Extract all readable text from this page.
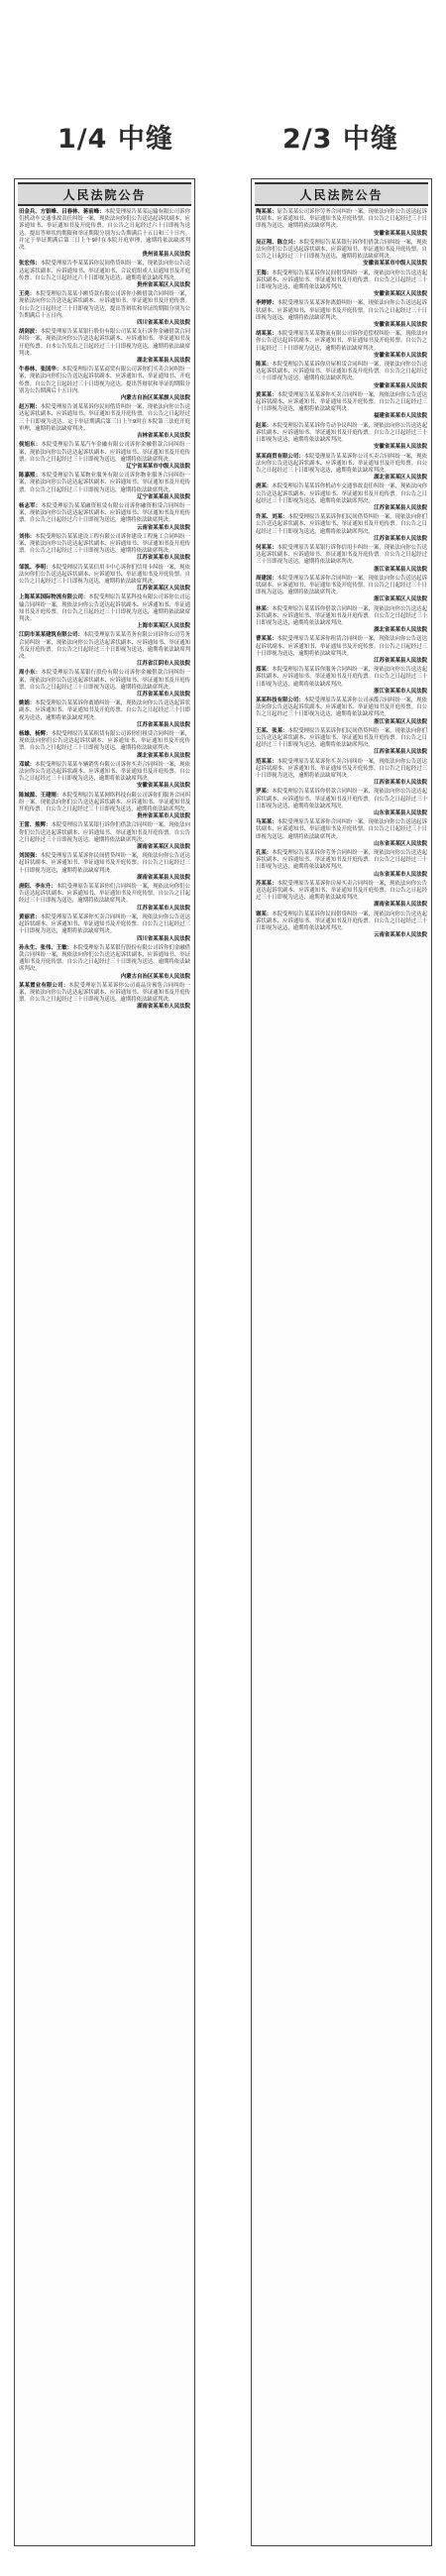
1/4 中缝	2/3 中缝
人民法院公告
田金兵、方银峰、吕春林、蒋前峰：本院受理原告某某运输有限公司诉你们机动车交通事故责任纠纷一案，现依法向你们公告送达起诉状副本、应诉通知书、举证通知书及开庭传票。自公告之日起经过六十日即视为送达。提出答辩状的期限和举证期限分别为公告期满后十五日和三十日内。并定于举证期满后第三日上午9时在本院开庭审理，逾期将依法缺席判决。
贵州省某县人民法院
张宏伟：本院受理原告李某某诉你民间借贷纠纷一案，现依法向你公告送达起诉状副本、应诉通知书、举证通知书、合议庭组成人员通知书及开庭传票。自公告之日起经过六十日即视为送达，逾期将依法缺席判决。
贵州省某某区人民法院
王亮：本院受理原告某某小额贷款有限公司诉你小额借款合同纠纷一案，现依法向你公告送达起诉状副本、应诉通知书、举证通知书及开庭传票。自公告之日起经过三十日即视为送达，提出答辩状和举证的期限分别为公告期满后十五日内。
四川省某某市人民法院
胡剑波：本院受理原告某某银行股份有限公司某某支行诉你金融借款合同纠纷一案，现依法向你公告送达起诉状副本、应诉通知书、举证通知书及开庭传票。自本公告发出之日起经过三十日即视为送达，逾期将依法缺席判决。
湖北省某某县人民法院
牛春林、张国华：本院受理原告某某商贸有限公司诉你们买卖合同纠纷一案，现依法向你们公告送达起诉状副本、应诉通知书、举证通知书、开庭传票。自公告之日起经过三十日即视为送达。提出答辩状和举证的期限分别为公告期满后十五日内。
内蒙古自治区某某旗人民法院
赵万刚：本院受理原告刘某某诉你民间借贷纠纷一案，现依法向你公告送达起诉状副本、应诉通知书、举证通知书及开庭传票。自公告之日起经过三十日即视为送达。定于举证期满后第三日上午9时在本院第三法庭开庭审理，逾期将依法缺席判决。
吉林省某某市人民法院
侯旭东：本院受理原告某某汽车金融有限公司诉你金融借款合同纠纷一案，现依法向你公告送达起诉状副本、应诉通知书、举证通知书及开庭传票。自公告之日起经过三十日即视为送达，逾期将依法缺席判决。
辽宁省某某市中级人民法院
陈嘉熙：本院受理原告某某物业服务有限公司诉你物业服务合同纠纷一案，现依法向你公告送达起诉状副本、应诉通知书、举证通知书及开庭传票。自公告之日起经过三十日即视为送达，逾期将依法缺席判决。
辽宁省某某县人民法院
杨志军：本院受理原告某某融资租赁有限公司诉你融资租赁合同纠纷一案，现依法向你公告送达起诉状副本、应诉通知书、举证通知书及开庭传票。自公告之日起经过六十日即视为送达，逾期将依法缺席判决。
云南省某某市人民法院
刘伟：本院受理原告某某建设工程有限公司诉你建设工程施工合同纠纷一案，现依法向你公告送达起诉状副本、应诉通知书、举证通知书及开庭传票。自公告之日起经过三十日即视为送达，逾期将依法缺席判决。
江苏省某某市人民法院
邹凯、李明：本院受理原告某某信用卡中心诉你们信用卡纠纷一案，现依法向你们公告送达起诉状副本、应诉通知书、举证通知书及开庭传票。自公告之日起经过三十日即视为送达，逾期将依法缺席判决。
江苏省某某区人民法院
上海某某国际物流有限公司：本院受理原告某某科技有限公司诉你公司运输合同纠纷一案，现依法向你公告送达起诉状副本、应诉通知书、举证通知书及开庭传票。自公告之日起经过三十日即视为送达，逾期将依法缺席判决。
上海市某某区人民法院
江阴市某某建筑有限公司：本院受理原告某某劳务有限公司诉你公司劳务合同纠纷一案，现依法向你公告送达起诉状副本、应诉通知书、举证通知书及开庭传票。自公告之日起经过三十日即视为送达，逾期将依法缺席判决。
江苏省江阴市人民法院
周小东：本院受理原告某某银行股份有限公司诉你金融借款合同纠纷一案，现依法向你公告送达起诉状副本、应诉通知书、举证通知书及开庭传票。自公告之日起经过三十日即视为送达，逾期将依法缺席判决。
江苏省某某市人民法院
姚娟：本院受理原告某某诉你离婚纠纷一案，现依法向你公告送达起诉状副本、应诉通知书、举证通知书及开庭传票。自公告之日起经过三十日即视为送达，逾期将依法缺席判决。
江苏省某某县人民法院
杨雄、杨辉：本院受理原告某某租赁有限公司诉你们租赁合同纠纷一案，现依法向你们公告送达起诉状副本、应诉通知书、举证通知书及开庭传票。自公告之日起经过三十日即视为送达，逾期将依法缺席判决。
湖北省某某市人民法院
邓斌：本院受理原告某某车辆销售有限公司诉你买卖合同纠纷一案，现依法向你公告送达起诉状副本、应诉通知书、举证通知书及开庭传票。自公告之日起经过三十日即视为送达，逾期将依法缺席判决。
安徽省某某县人民法院
陈城源、王建刚：本院受理原告某某网络科技有限公司诉你们服务合同纠纷一案，现依法向你们公告送达起诉状副本、应诉通知书、举证通知书及开庭传票。自公告之日起经过三十日即视为送达，逾期将依法缺席判决。
贵州省某某市人民法院
王雷、熊辉：本院受理原告某某银行诉你们借款合同纠纷一案，现依法向你们公告送达起诉状副本、应诉通知书、举证通知书及开庭传票。自公告之日起经过三十日即视为送达，逾期将依法缺席判决。
湖南省某某区人民法院
刘国强：本院受理原告某某诉你民间借贷纠纷一案，现依法向你公告送达起诉状副本、应诉通知书、举证通知书及开庭传票。自公告之日起经过三十日即视为送达，逾期将依法缺席判决。
湖南省某某县人民法院
唐阳、李东升：本院受理原告某某诉你们合同纠纷一案，现依法向你们公告送达起诉状副本、应诉通知书、举证通知书及开庭传票。自公告之日起经过三十日即视为送达，逾期将依法缺席判决。
江苏省某某市人民法院
黄丽君：本院受理原告某某诉你买卖合同纠纷一案，现依法向你公告送达起诉状副本、应诉通知书、举证通知书及开庭传票。自公告之日起经过三十日即视为送达，逾期将依法缺席判决。
四川省某某县人民法院
孙永生、张伟、王敏：本院受理原告某某银行股份有限公司诉你们金融借款合同纠纷一案，现依法向你们公告送达起诉状副本、应诉通知书、举证通知书及开庭传票。自公告之日起经过三十日即视为送达，逾期将依法缺席判决。
内蒙古自治区某某市人民法院
某某置业有限公司：本院受理原告某某诉你公司商品房预售合同纠纷一案，现依法向你公告送达起诉状副本、应诉通知书、举证通知书及开庭传票。自公告之日起经过三十日即视为送达，逾期将依法缺席判决。
湖南省某某市人民法院
人民法院公告
陶某某：原告某某公司诉你劳务合同纠纷一案，现依法向你公告送达起诉状副本、应诉通知书、举证通知书及开庭传票。自公告之日起经过三十日即视为送达，逾期将依法缺席判决。
安徽省某某县人民法院
吴正翔、陈立兴：本院受理原告某某银行诉你们借款合同纠纷一案，现依法向你们公告送达起诉状副本、应诉通知书、举证通知书及开庭传票。自公告之日起经过三十日即视为送达，逾期将依法缺席判决。
安徽省某某市中级人民法院
王海：本院受理原告某某诉你民间借贷纠纷一案，现依法向你公告送达起诉状副本、应诉通知书、举证通知书及开庭传票。自公告之日起经过三十日即视为送达，逾期将依法缺席判决。
安徽省某某区人民法院
李婷婷：本院受理原告某某诉你离婚纠纷一案，现依法向你公告送达起诉状副本、应诉通知书、举证通知书及开庭传票。自公告之日起经过三十日即视为送达，逾期将依法缺席判决。
安徽省某某县人民法院
胡某某：本院受理原告某某物流有限公司诉你追偿权纠纷一案，现依法向你公告送达起诉状副本、应诉通知书、举证通知书及开庭传票。自公告之日起经过三十日即视为送达，逾期将依法缺席判决。
安徽省某某市人民法院
陈某：本院受理原告某某诉你房屋租赁合同纠纷一案，现依法向你公告送达起诉状副本、应诉通知书、举证通知书及开庭传票。自公告之日起经过三十日即视为送达，逾期将依法缺席判决。
安徽省某某县人民法院
黄某某：本院受理原告某某诉你买卖合同纠纷一案，现依法向你公告送达起诉状副本、应诉通知书、举证通知书及开庭传票。自公告之日起经过三十日即视为送达，逾期将依法缺席判决。
福建省某某市人民法院
赵某：本院受理原告某某诉你劳动争议纠纷一案，现依法向你公告送达起诉状副本、应诉通知书、举证通知书及开庭传票。自公告之日起经过三十日即视为送达，逾期将依法缺席判决。
安徽省某某县人民法院
某某商贸有限公司：本院受理原告某某诉你公司买卖合同纠纷一案，现依法向你公告送达起诉状副本、应诉通知书、举证通知书及开庭传票。自公告之日起经过三十日即视为送达，逾期将依法缺席判决。
湖北省某某区人民法院
唐某：本院受理原告某某诉你机动车交通事故责任纠纷一案，现依法向你公告送达起诉状副本、应诉通知书、举证通知书及开庭传票。自公告之日起经过三十日即视为送达，逾期将依法缺席判决。
江苏省某某县人民法院
许某、刘某：本院受理原告某某诉你们民间借贷纠纷一案，现依法向你们公告送达起诉状副本、应诉通知书、举证通知书及开庭传票。自公告之日起经过三十日即视为送达，逾期将依法缺席判决。
江苏省某某市人民法院
何某某：本院受理原告某某银行诉你信用卡纠纷一案，现依法向你公告送达起诉状副本、应诉通知书、举证通知书及开庭传票。自公告之日起经过三十日即视为送达，逾期将依法缺席判决。
浙江省某某县人民法院
周建国：本院受理原告某某诉你合同纠纷一案，现依法向你公告送达起诉状副本、应诉通知书、举证通知书及开庭传票。自公告之日起经过三十日即视为送达，逾期将依法缺席判决。
浙江省某某区人民法院
林某：本院受理原告某某诉你借款合同纠纷一案，现依法向你公告送达起诉状副本、应诉通知书、举证通知书及开庭传票。自公告之日起经过三十日即视为送达，逾期将依法缺席判决。
湖北省某某市人民法院
曹某某：本院受理原告某某诉你租赁合同纠纷一案，现依法向你公告送达起诉状副本、应诉通知书、举证通知书及开庭传票。自公告之日起经过三十日即视为送达，逾期将依法缺席判决。
江苏省某某县人民法院
郑某：本院受理原告某某诉你服务合同纠纷一案，现依法向你公告送达起诉状副本、应诉通知书、举证通知书及开庭传票。自公告之日起经过三十日即视为送达，逾期将依法缺席判决。
浙江省某某市人民法院
某某科技有限公司：本院受理原告某某诉你公司承揽合同纠纷一案，现依法向你公告送达起诉状副本、应诉通知书、举证通知书及开庭传票。自公告之日起经过三十日即视为送达，逾期将依法缺席判决。
浙江省某某区人民法院
王某、张某：本院受理原告某某诉你们民间借贷纠纷一案，现依法向你们公告送达起诉状副本、应诉通知书、举证通知书及开庭传票。自公告之日起经过三十日即视为送达，逾期将依法缺席判决。
江西省某某县人民法院
范某某：本院受理原告某某诉你买卖合同纠纷一案，现依法向你公告送达起诉状副本、应诉通知书、举证通知书及开庭传票。自公告之日起经过三十日即视为送达，逾期将依法缺席判决。
江西省某某市人民法院
罗某：本院受理原告某某诉你借款合同纠纷一案，现依法向你公告送达起诉状副本、应诉通知书、举证通知书及开庭传票。自公告之日起经过三十日即视为送达，逾期将依法缺席判决。
山东省某某县人民法院
马某某：本院受理原告某某诉你合同纠纷一案，现依法向你公告送达起诉状副本、应诉通知书、举证通知书及开庭传票。自公告之日起经过三十日即视为送达，逾期将依法缺席判决。
山东省某某区人民法院
孔某：本院受理原告某某诉你劳务合同纠纷一案，现依法向你公告送达起诉状副本、应诉通知书、举证通知书及开庭传票。自公告之日起经过三十日即视为送达，逾期将依法缺席判决。
山东省某某市人民法院
苏某某：本院受理原告某某诉你房屋买卖合同纠纷一案，现依法向你公告送达起诉状副本、应诉通知书、举证通知书及开庭传票。自公告之日起经过三十日即视为送达，逾期将依法缺席判决。
湖南省某某县人民法院
谢某：本院受理原告某某诉你民间借贷纠纷一案，现依法向你公告送达起诉状副本、应诉通知书、举证通知书及开庭传票。自公告之日起经过三十日即视为送达，逾期将依法缺席判决。
云南省某某市人民法院
